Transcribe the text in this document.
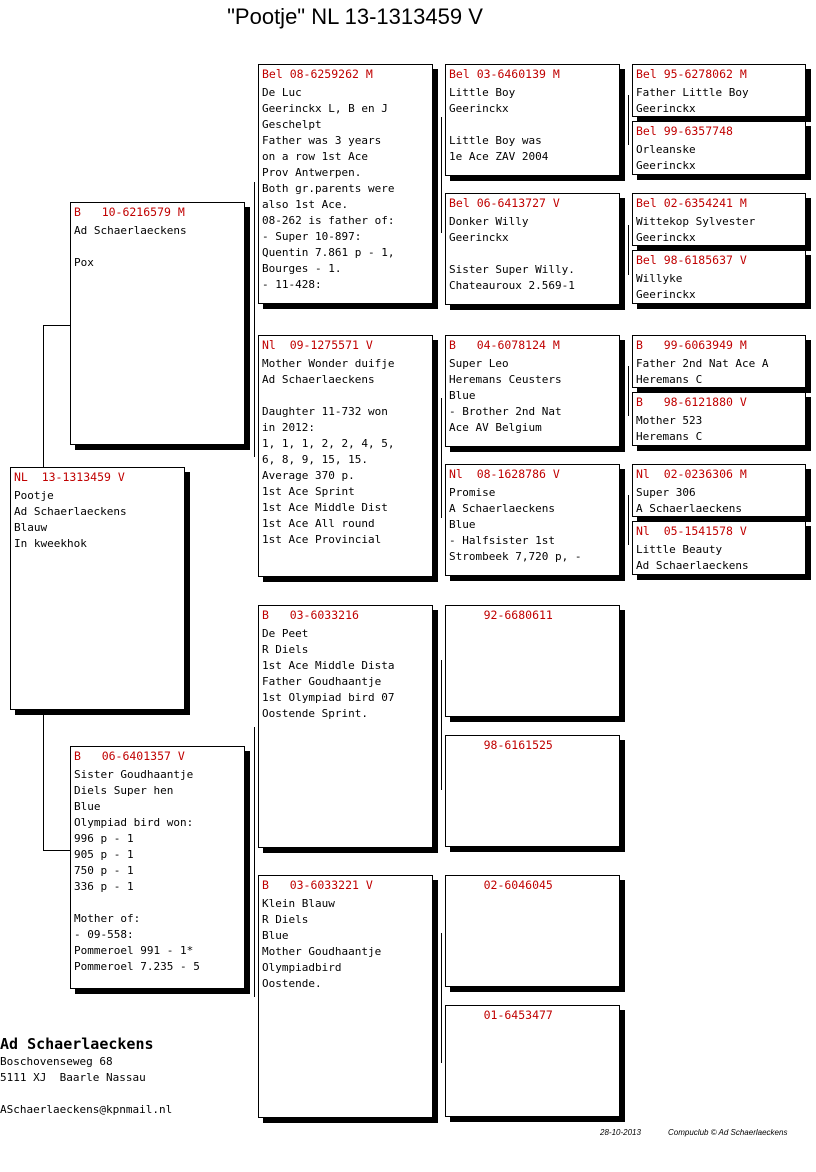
"Pootje" NL 13-1313459 V
NL  13-1313459 V
Pootje
Ad Schaerlaeckens
Blauw
In kweekhok
B   10-6216579 M
Ad Schaerlaeckens
Pox
B   06-6401357 V
Sister Goudhaantje
Diels Super hen
Blue
Olympiad bird won:
996 p - 1
905 p - 1
750 p - 1
336 p - 1
Mother of:
- 09-558:
Pommeroel 991 - 1*
Pommeroel 7.235 - 5
Bel 08-6259262 M
De Luc
Geerinckx L, B en J
Geschelpt
Father was 3 years
on a row 1st Ace
Prov Antwerpen.
Both gr.parents were
also 1st Ace.
08-262 is father of:
- Super 10-897:
Quentin 7.861 p - 1,
Bourges - 1.
- 11-428:
Nl  09-1275571 V
Mother Wonder duifje
Ad Schaerlaeckens
Daughter 11-732 won
in 2012:
1, 1, 1, 2, 2, 4, 5,
6, 8, 9, 15, 15.
Average 370 p.
1st Ace Sprint
1st Ace Middle Dist
1st Ace All round
1st Ace Provincial
B   03-6033216
De Peet
R Diels
1st Ace Middle Dista
Father Goudhaantje
1st Olympiad bird 07
Oostende Sprint.
B   03-6033221 V
Klein Blauw
R Diels
Blue
Mother Goudhaantje
Olympiadbird
Oostende.
Bel 03-6460139 M
Little Boy
Geerinckx
Little Boy was
1e Ace ZAV 2004
Bel 06-6413727 V
Donker Willy
Geerinckx
Sister Super Willy.
Chateauroux 2.569-1
B   04-6078124 M
Super Leo
Heremans Ceusters
Blue
- Brother 2nd Nat
Ace AV Belgium
Nl  08-1628786 V
Promise
A Schaerlaeckens
Blue
- Halfsister 1st
Strombeek 7,720 p, -
92-6680611
98-6161525
02-6046045
01-6453477
Bel 95-6278062 M
Father Little Boy
Geerinckx
Bel 99-6357748
Orleanske
Geerinckx
Bel 02-6354241 M
Wittekop Sylvester
Geerinckx
Bel 98-6185637 V
Willyke
Geerinckx
B   99-6063949 M
Father 2nd Nat Ace A
Heremans C
B   98-6121880 V
Mother 523
Heremans C
Nl  02-0236306 M
Super 306
A Schaerlaeckens
Nl  05-1541578 V
Little Beauty
Ad Schaerlaeckens
Ad Schaerlaeckens
Boschovenseweg 68
5111 XJ  Baarle Nassau
ASchaerlaeckens@kpnmail.nl
28-10-2013	Compuclub © Ad Schaerlaeckens
